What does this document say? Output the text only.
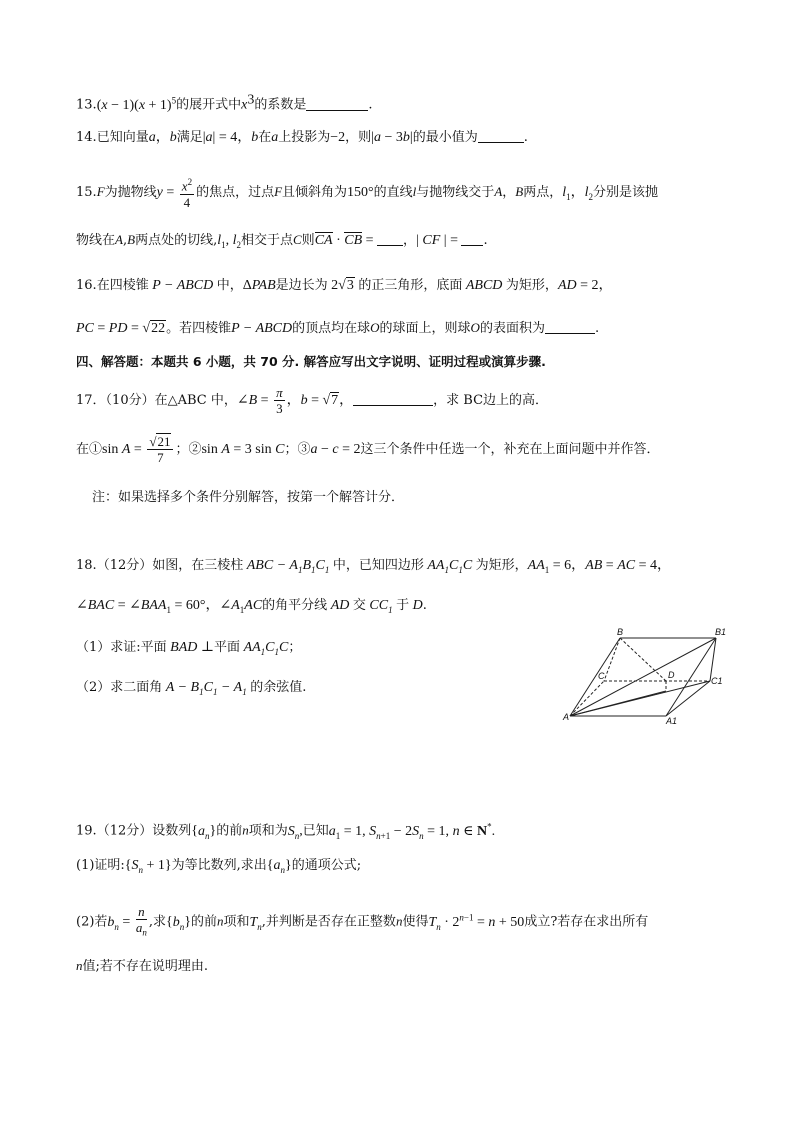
$13.(x - 1)(x + 1)^5$的展开式中$x^3$的系数是	.
14.已知向量a，b满足|a| = 4，b在a上投影为−2，则|a − 3b|的最小值为	.
15.F为抛物线$y = \frac{x^2}{4}$ 的焦点，过点F且倾斜角为150°的直线l与抛物线交于A，B两点，$l_1$，$l_2$分别是该抛
物线在A,B两点处的切线$,l_1$, $l_2$相交于点C则CA · CB = ，| CF | = .
16.在四棱锥 P − ABCD 中，ΔPAB是边长为 2√3 的正三角形，底面 ABCD 为矩形，AD = 2，
PC = PD = √22。若四棱锥P − ABCD的顶点均在球O的球面上，则球O的表面积为	.
四、解答题：本题共 6 小题，共 70 分. 解答应写出文字说明、证明过程或演算步骤.
17．（10分）在△ABC 中，∠B = $\frac{\pi}{3}$ ，b = √7，	，求 BC边上的高．
在①sin $A = \frac{√21}{7}$ ；②sin A = 3 sin C；③a − c = 2这三个条件中任选一个，补充在上面问题中并作答．
注：如果选择多个条件分别解答，按第一个解答计分．
18.（12分）如图，在三棱柱 ABC − $A_1B_1C_1$ 中，已知四边形 $AA_1C_1C$ 为矩形，$AA_1 = 6$，AB = AC = 4，
∠BAC = $\angle BAA_1 = 60^\circ$，$\angle A_1AC$的角平分线 AD 交 $CC_1$ 于 D.
（1）求证:平面 BAD ⊥平面 $AA_1C_1C$；
（2）求二面角 $A - B_1C_1 - A_1$ 的余弦值.
B	B1
C	D
C1
A	A1
19.（12分）设数列$\{a_n\}$的前n项和为$S_n$,已知$a_1 = 1$, $S_{n+1} - 2S_n = 1$, n ∈ N*.
(1)证明$:\{S_n + 1\}$为等比数列,求出$\{a_n\}$的通项公式;
(2)若$b_n = \frac{n}{a_n}$ ,求$\{b_n\}$的前n项和$T_n$,并判断是否存在正整数n使得$T_n \cdot 2^{n-1} = n + 50$成立?若存在求出所有
n值;若不存在说明理由.
